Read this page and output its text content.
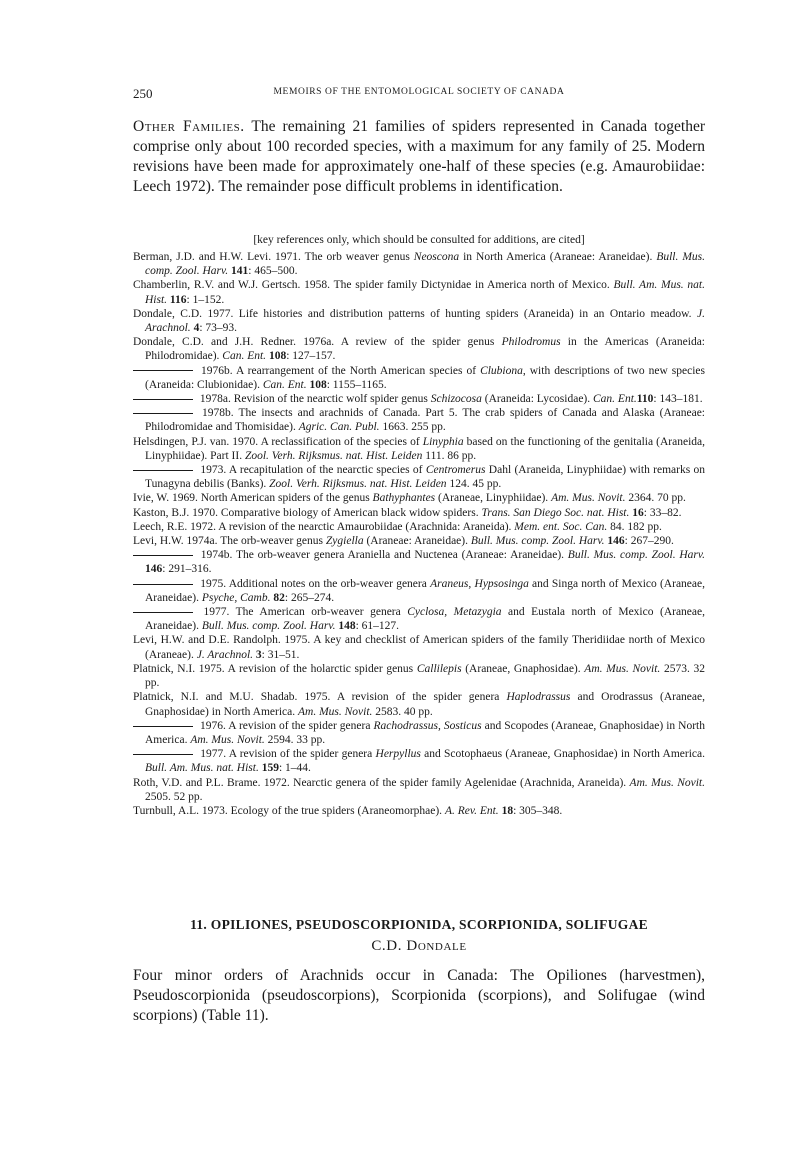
250	MEMOIRS OF THE ENTOMOLOGICAL SOCIETY OF CANADA
Other Families. The remaining 21 families of spiders represented in Canada together comprise only about 100 recorded species, with a maximum for any family of 25. Modern revisions have been made for approximately one-half of these species (e.g. Amaurobiidae: Leech 1972). The remainder pose difficult problems in identification.
[key references only, which should be consulted for additions, are cited]
Berman, J.D. and H.W. Levi. 1971. The orb weaver genus Neoscona in North America (Araneae: Araneidae). Bull. Mus. comp. Zool. Harv. 141: 465–500.
Chamberlin, R.V. and W.J. Gertsch. 1958. The spider family Dictynidae in America north of Mexico. Bull. Am. Mus. nat. Hist. 116: 1–152.
Dondale, C.D. 1977. Life histories and distribution patterns of hunting spiders (Araneida) in an Ontario meadow. J. Arachnol. 4: 73–93.
Dondale, C.D. and J.H. Redner. 1976a. A review of the spider genus Philodromus in the Americas (Araneida: Philodromidae). Can. Ent. 108: 127–157.
1976b. A rearrangement of the North American species of Clubiona, with descriptions of two new species (Araneida: Clubionidae). Can. Ent. 108: 1155–1165.
1978a. Revision of the nearctic wolf spider genus Schizocosa (Araneida: Lycosidae). Can. Ent.110: 143–181.
1978b. The insects and arachnids of Canada. Part 5. The crab spiders of Canada and Alaska (Araneae: Philodromidae and Thomisidae). Agric. Can. Publ. 1663. 255 pp.
Helsdingen, P.J. van. 1970. A reclassification of the species of Linyphia based on the functioning of the genitalia (Araneida, Linyphiidae). Part II. Zool. Verh. Rijksmus. nat. Hist. Leiden 111. 86 pp.
1973. A recapitulation of the nearctic species of Centromerus Dahl (Araneida, Linyphiidae) with remarks on Tunagyna debilis (Banks). Zool. Verh. Rijksmus. nat. Hist. Leiden 124. 45 pp.
Ivie, W. 1969. North American spiders of the genus Bathyphantes (Araneae, Linyphiidae). Am. Mus. Novit. 2364. 70 pp.
Kaston, B.J. 1970. Comparative biology of American black widow spiders. Trans. San Diego Soc. nat. Hist. 16: 33–82.
Leech, R.E. 1972. A revision of the nearctic Amaurobiidae (Arachnida: Araneida). Mem. ent. Soc. Can. 84. 182 pp.
Levi, H.W. 1974a. The orb-weaver genus Zygiella (Araneae: Araneidae). Bull. Mus. comp. Zool. Harv. 146: 267–290.
1974b. The orb-weaver genera Araniella and Nuctenea (Araneae: Araneidae). Bull. Mus. comp. Zool. Harv. 146: 291–316.
1975. Additional notes on the orb-weaver genera Araneus, Hypsosinga and Singa north of Mexico (Araneae, Araneidae). Psyche, Camb. 82: 265–274.
1977. The American orb-weaver genera Cyclosa, Metazygia and Eustala north of Mexico (Araneae, Araneidae). Bull. Mus. comp. Zool. Harv. 148: 61–127.
Levi, H.W. and D.E. Randolph. 1975. A key and checklist of American spiders of the family Theridiidae north of Mexico (Araneae). J. Arachnol. 3: 31–51.
Platnick, N.I. 1975. A revision of the holarctic spider genus Callilepis (Araneae, Gnaphosidae). Am. Mus. Novit. 2573. 32 pp.
Platnick, N.I. and M.U. Shadab. 1975. A revision of the spider genera Haplodrassus and Orodrassus (Araneae, Gnaphosidae) in North America. Am. Mus. Novit. 2583. 40 pp.
1976. A revision of the spider genera Rachodrassus, Sosticus and Scopodes (Araneae, Gnaphosidae) in North America. Am. Mus. Novit. 2594. 33 pp.
1977. A revision of the spider genera Herpyllus and Scotophaeus (Araneae, Gnaphosidae) in North America. Bull. Am. Mus. nat. Hist. 159: 1–44.
Roth, V.D. and P.L. Brame. 1972. Nearctic genera of the spider family Agelenidae (Arachnida, Araneida). Am. Mus. Novit. 2505. 52 pp.
Turnbull, A.L. 1973. Ecology of the true spiders (Araneomorphae). A. Rev. Ent. 18: 305–348.
11. OPILIONES, PSEUDOSCORPIONIDA, SCORPIONIDA, SOLIFUGAE
C.D. Dondale
Four minor orders of Arachnids occur in Canada: The Opiliones (harvestmen), Pseudoscorpionida (pseudoscorpions), Scorpionida (scorpions), and Solifugae (wind scorpions) (Table 11).
